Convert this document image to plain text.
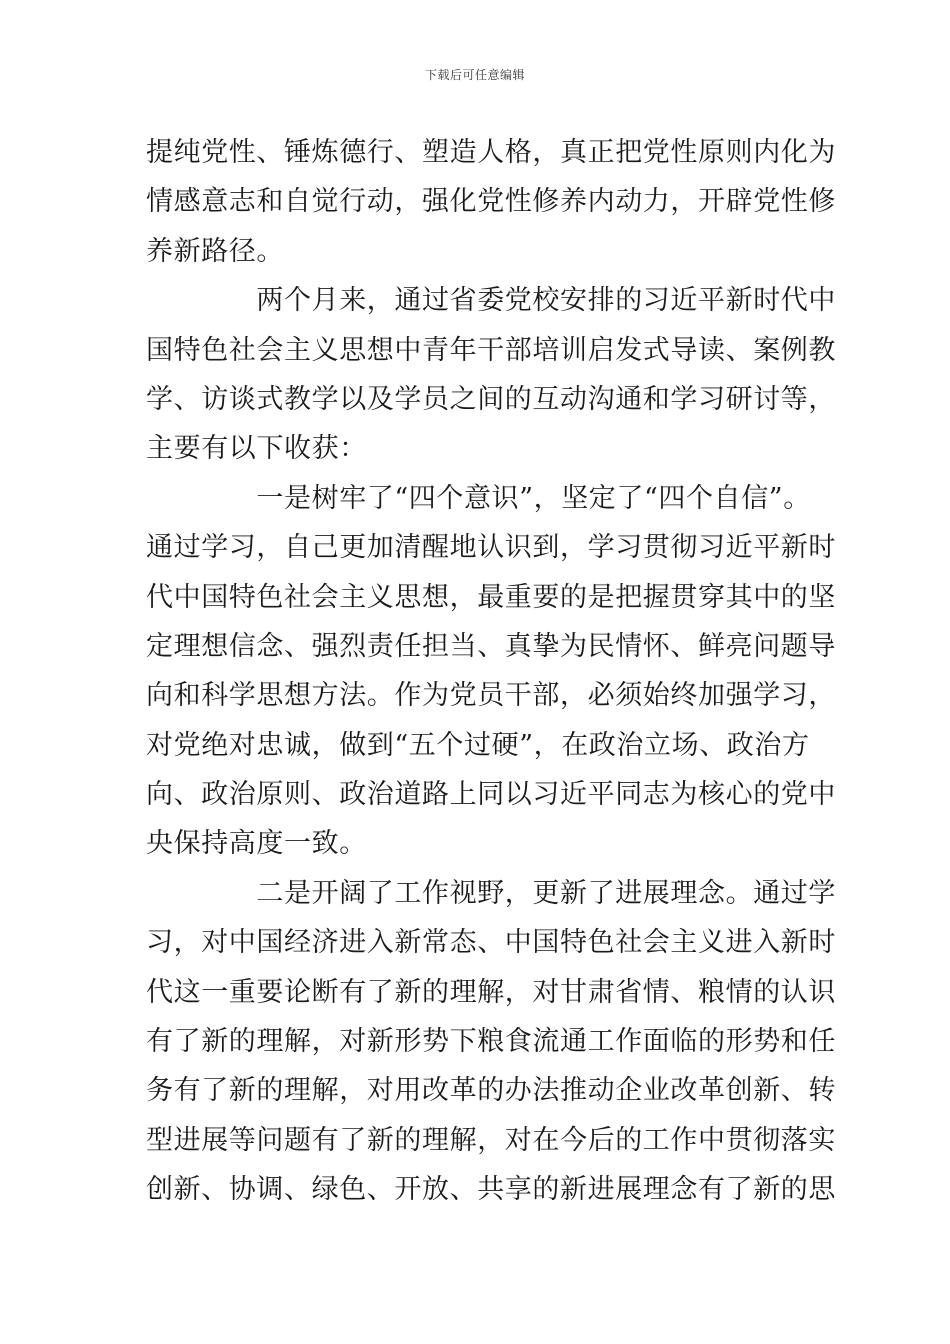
下载后可任意编辑
提纯党性、锤炼德行、塑造人格，真正把党性原则内化为
情感意志和自觉行动，强化党性修养内动力，开辟党性修
养新路径。
　　　　两个月来，通过省委党校安排的习近平新时代中
国特色社会主义思想中青年干部培训启发式导读、案例教
学、访谈式教学以及学员之间的互动沟通和学习研讨等，
主要有以下收获：
　　　　一是树牢了“四个意识”，坚定了“四个自信”。
通过学习，自己更加清醒地认识到，学习贯彻习近平新时
代中国特色社会主义思想，最重要的是把握贯穿其中的坚
定理想信念、强烈责任担当、真挚为民情怀、鲜亮问题导
向和科学思想方法。作为党员干部，必须始终加强学习，
对党绝对忠诚，做到“五个过硬”，在政治立场、政治方
向、政治原则、政治道路上同以习近平同志为核心的党中
央保持高度一致。
　　　　二是开阔了工作视野，更新了进展理念。通过学
习，对中国经济进入新常态、中国特色社会主义进入新时
代这一重要论断有了新的理解，对甘肃省情、粮情的认识
有了新的理解，对新形势下粮食流通工作面临的形势和任
务有了新的理解，对用改革的办法推动企业改革创新、转
型进展等问题有了新的理解，对在今后的工作中贯彻落实
创新、协调、绿色、开放、共享的新进展理念有了新的思
